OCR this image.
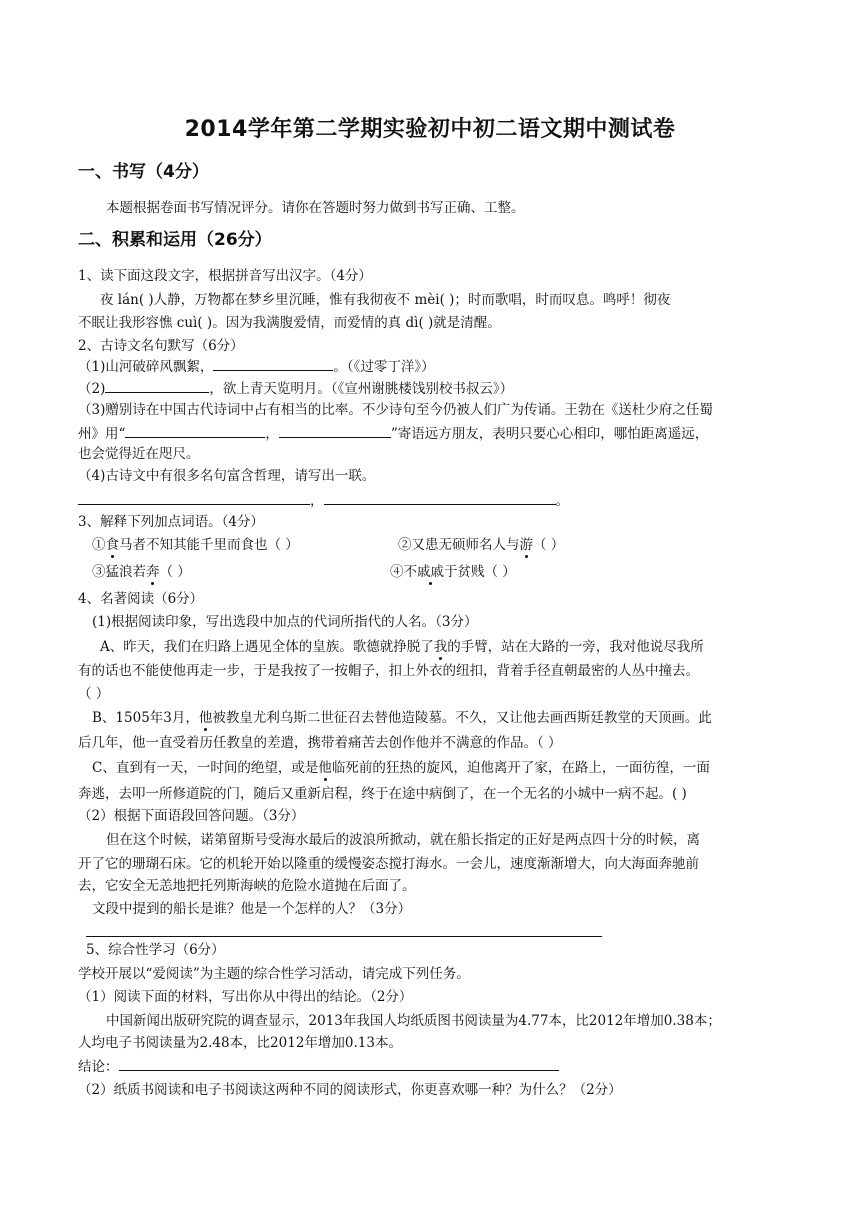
2014学年第二学期实验初中初二语文期中测试卷
一、书写（4分）
本题根据卷面书写情况评分。请你在答题时努力做到书写正确、工整。
二、积累和运用（26分）
1、读下面这段文字，根据拼音写出汉字。（4分）
夜 lán( )人静，万物都在梦乡里沉睡，惟有我彻夜不 mèi( )；时而歌唱，时而叹息。鸣呼！彻夜
不眠让我形容憔 cuì( )。因为我满腹爱情，而爱情的真 dì( )就是清醒。
2、古诗文名句默写（6分）
（1)山河破碎风飘絮，	。（《过零丁洋》）
（2)	，欲上青天览明月。（《宣州谢朓楼饯别校书叔云》）
（3)赠别诗在中国古代诗词中占有相当的比率。不少诗句至今仍被人们广为传诵。王勃在《送杜少府之任蜀
州》用“	，	”寄语远方朋友，表明只要心心相印，哪怕距离遥远，
也会觉得近在咫尺。
（4)古诗文中有很多名句富含哲理，请写出一联。
，	。
3、解释下列加点词语。（4分）
①食马者不知其能千里而食也（ ）	②又患无硕师名人与游（ ）
③猛浪若奔（ ）	④不戚戚于贫贱（ ）
4、名著阅读（6分）
(1)根据阅读印象，写出选段中加点的代词所指代的人名。（3分）
A、昨天，我们在归路上遇见全体的皇族。歌德就挣脱了我的手臂，站在大路的一旁，我对他说尽我所
有的话也不能使他再走一步，于是我按了一按帽子，扣上外衣的纽扣，背着手径直朝最密的人丛中撞去。
（ ）
B、1505年3月，他被教皇尤利乌斯二世征召去替他造陵墓。不久，又让他去画西斯廷教堂的天顶画。此
后几年，他一直受着历任教皇的差遣，携带着痛苦去创作他并不满意的作品。（ ）
C、直到有一天，一时间的绝望，或是他临死前的狂热的旋风，迫他离开了家，在路上，一面彷徨，一面
奔逃，去叩一所修道院的门，随后又重新启程，终于在途中病倒了，在一个无名的小城中一病不起。( )
（2）根据下面语段回答问题。（3分）
但在这个时候，诺第留斯号受海水最后的波浪所掀动，就在船长指定的正好是两点四十分的时候，离
开了它的珊瑚石床。它的机轮开始以隆重的缓慢姿态搅打海水。一会儿，速度渐渐增大，向大海面奔驰前
去，它安全无恙地把托列斯海峡的危险水道抛在后面了。
文段中提到的船长是谁？他是一个怎样的人？（3分）
5、综合性学习（6分）
学校开展以“爱阅读”为主题的综合性学习活动，请完成下列任务。
（1）阅读下面的材料，写出你从中得出的结论。（2分）
中国新闻出版研究院的调查显示，2013年我国人均纸质图书阅读量为4.77本，比2012年增加0.38本；
人均电子书阅读量为2.48本，比2012年增加0.13本。
结论：
（2）纸质书阅读和电子书阅读这两种不同的阅读形式，你更喜欢哪一种？为什么？（2分）
